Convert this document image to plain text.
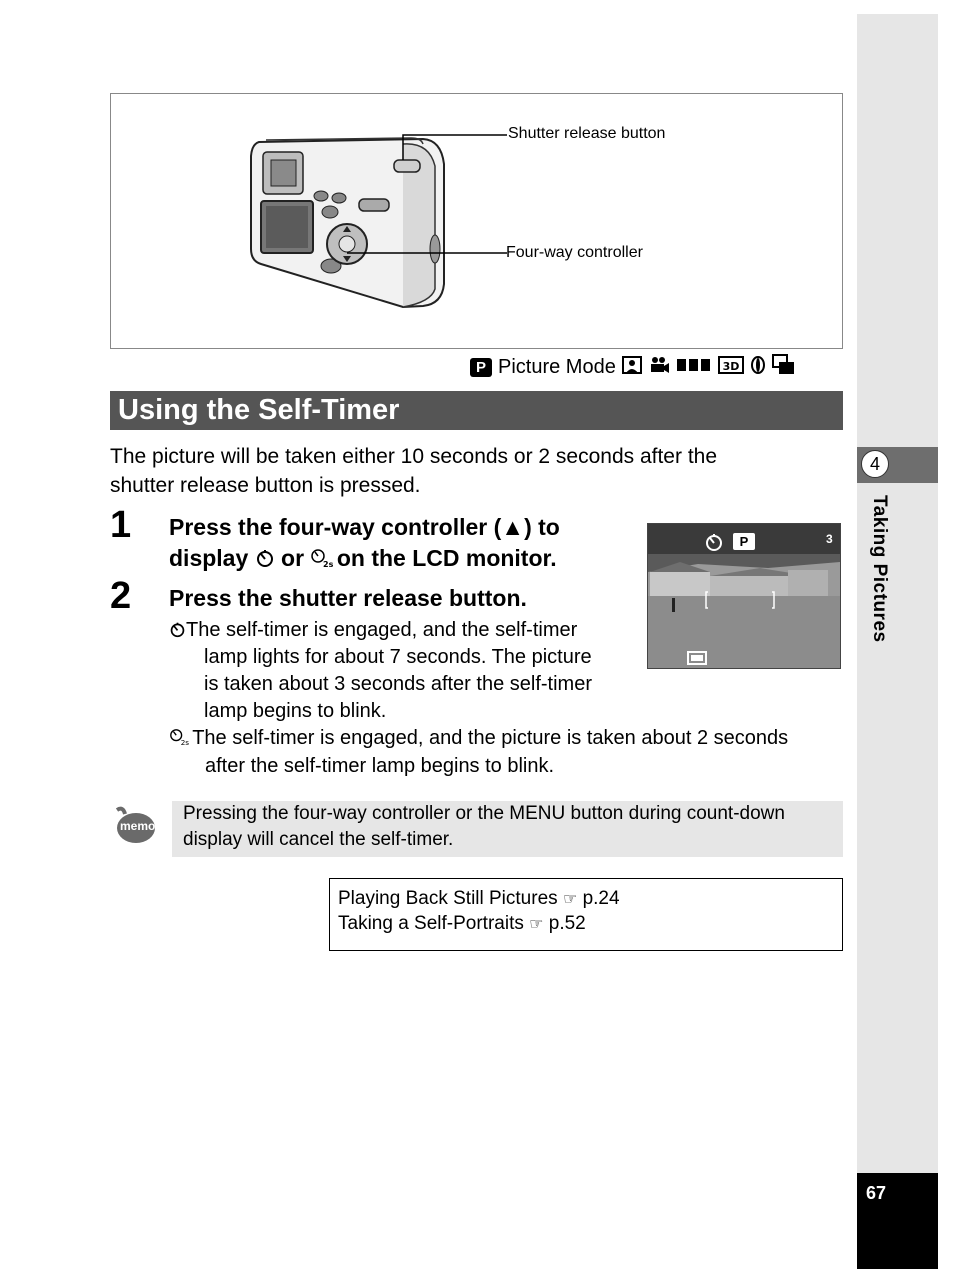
4
Taking Pictures
67
Shutter release button
Four-way controller
P Picture Mode	3D
Using the Self-Timer
The picture will be taken either 10 seconds or 2 seconds after the
shutter release button is pressed.
1 Press the four-way controller (▲) to
display or 2s on the LCD monitor.
2 Press the shutter release button.
The self-timer is engaged, and the self-timer
lamp lights for about 7 seconds. The picture
is taken about 3 seconds after the self-timer
lamp begins to blink.
2s The self-timer is engaged, and the picture is taken about 2 seconds
after the self-timer lamp begins to blink.
P	3
memo
Pressing the four-way controller or the MENU button during count-down
display will cancel the self-timer.
Playing Back Still Pictures ☞ p.24
Taking a Self-Portraits ☞ p.52
